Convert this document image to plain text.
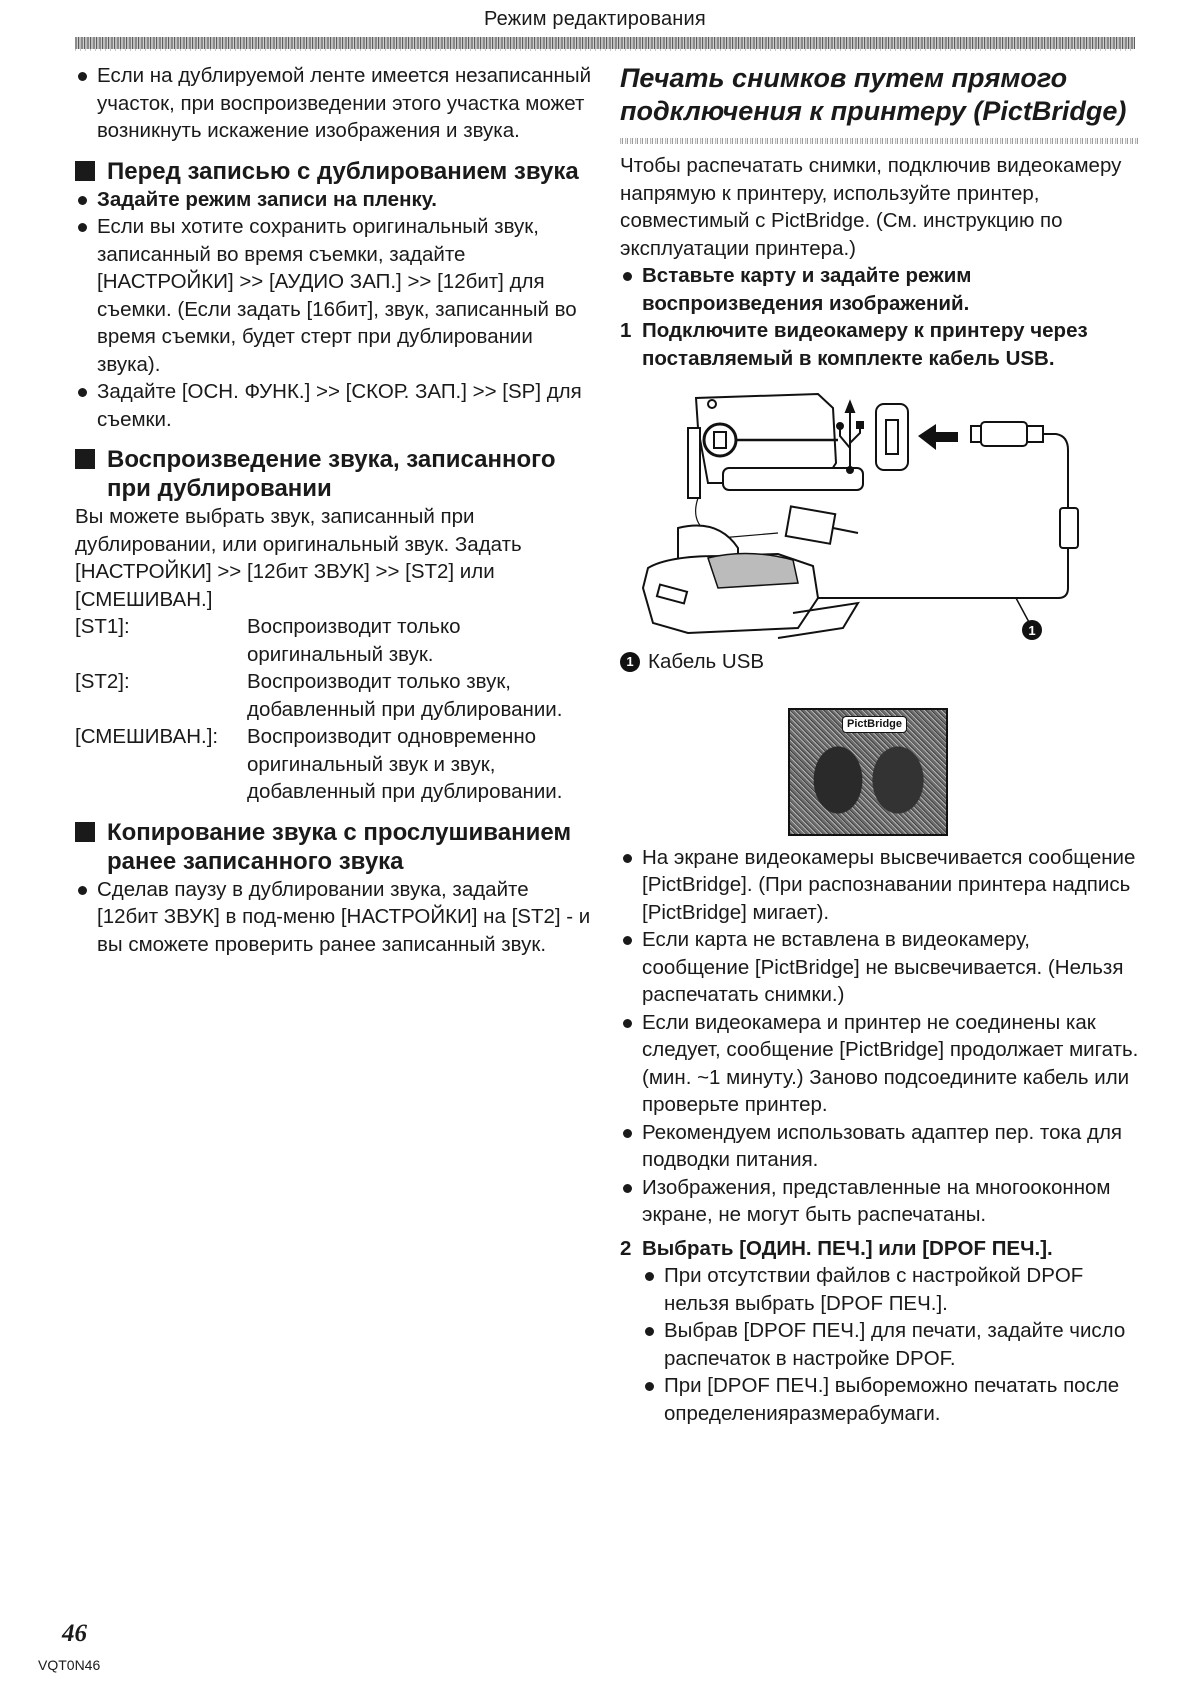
Режим редактирования
Если на дублируемой ленте имеется незаписанный участок, при воспроизведении этого участка может возникнуть искажение изображения и звука.
Перед записью с дублированием звука
Задайте режим записи на пленку.
Если вы хотите сохранить оригинальный звук, записанный во время съемки, задайте [НАСТРОЙКИ] >> [АУДИО ЗАП.] >> [12бит] для съемки. (Если задать [16бит], звук, записанный во время съемки, будет стерт при дублировании звука).
Задайте [ОСН. ФУНК.] >> [СКОР. ЗАП.] >> [SP] для съемки.
Воспроизведение звука, записанного при дублировании
Вы можете выбрать звук, записанный при дублировании, или оригинальный звук. Задать [НАСТРОЙКИ] >> [12бит ЗВУК] >> [ST2] или [СМЕШИВАН.]
[ST1]:	Воспроизводит только оригинальный звук.
[ST2]:	Воспроизводит только звук, добавленный при дублировании.
[СМЕШИВАН.]:	Воспроизводит одновременно оригинальный звук и звук, добавленный при дублировании.
Копирование звука с прослушиванием ранее записанного звука
Сделав паузу в дублировании звука, задайте [12бит ЗВУК] в под-меню [НАСТРОЙКИ] на [ST2] - и вы сможете проверить ранее записанный звук.
Печать снимков путем прямого подключения к принтеру (PictBridge)
Чтобы распечатать снимки, подключив видеокамеру напрямую к принтеру, используйте принтер, совместимый с PictBridge. (См. инструкцию по эксплуатации принтера.)
Вставьте карту и задайте режим воспроизведения изображений.
1 Подключите видеокамеру к принтеру через поставляемый в комплекте кабель USB.
1
1 Кабель USB
PictBridge
На экране видеокамеры высвечивается сообщение [PictBridge]. (При распознавании принтера надпись [PictBridge] мигает).
Если карта не вставлена в видеокамеру, сообщение [PictBridge] не высвечивается. (Нельзя распечатать снимки.)
Если видеокамера и принтер не соединены как следует, сообщение [PictBridge] продолжает мигать. (мин. ~1 минуту.) Заново подсоедините кабель или проверьте принтер.
Рекомендуем использовать адаптер пер. тока для подводки питания.
Изображения, представленные на многооконном экране, не могут быть распечатаны.
2 Выбрать [ОДИН. ПЕЧ.] или [DPOF ПЕЧ.].
При отсутствии файлов с настройкой DPOF нельзя выбрать [DPOF ПЕЧ.].
Выбрав [DPOF ПЕЧ.] для печати, задайте число распечаток в настройке DPOF.
При [DPOF ПЕЧ.] выборeможно печатать после определенияразмерабумаги.
46
VQT0N46
